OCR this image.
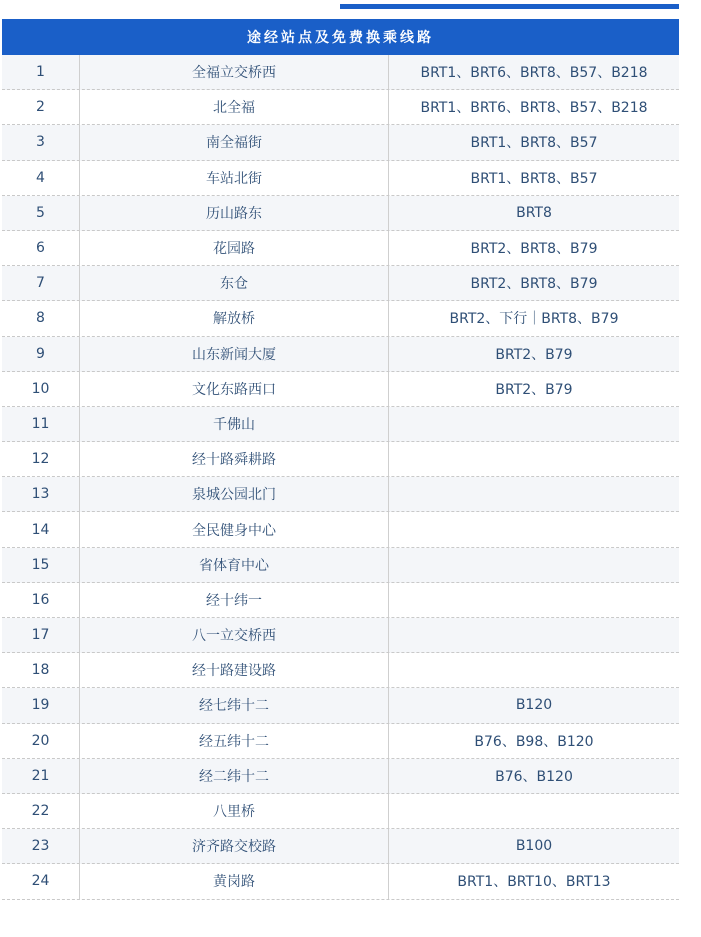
途经站点及免费换乘线路
1	全福立交桥西	BRT1、BRT6、BRT8、B57、B218
2	北全福	BRT1、BRT6、BRT8、B57、B218
3	南全福街	BRT1、BRT8、B57
4	车站北街	BRT1、BRT8、B57
5	历山路东	BRT8
6	花园路	BRT2、BRT8、B79
7	东仓	BRT2、BRT8、B79
8	解放桥	BRT2、下行｜BRT8、B79
9	山东新闻大厦	BRT2、B79
10	文化东路西口	BRT2、B79
11	千佛山
12	经十路舜耕路
13	泉城公园北门
14	全民健身中心
15	省体育中心
16	经十纬一
17	八一立交桥西
18	经十路建设路
19	经七纬十二	B120
20	经五纬十二	B76、B98、B120
21	经二纬十二	B76、B120
22	八里桥
23	济齐路交校路	B100
24	黄岗路	BRT1、BRT10、BRT13
